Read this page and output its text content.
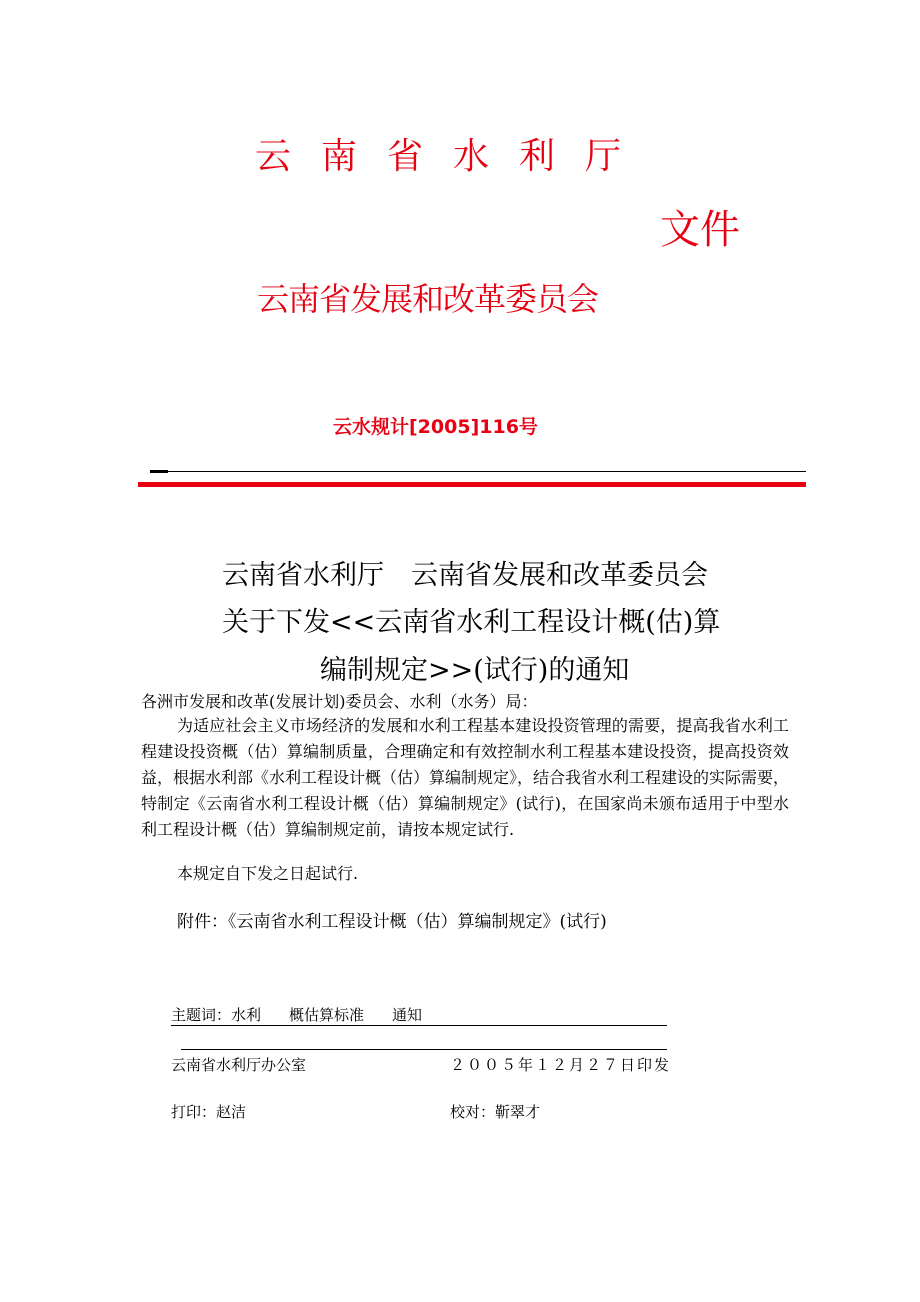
云南省水利厅
文件
云南省发展和改革委员会
云水规计[2005]116号
云南省水利厅　云南省发展和改革委员会
关于下发<<云南省水利工程设计概(估)算
编制规定>>(试行)的通知
各洲市发展和改革(发展计划)委员会、水利（水务）局：

为适应社会主义市场经济的发展和水利工程基本建设投资管理的需要，提高我省水利工程建设投资概（估）算编制质量，合理确定和有效控制水利工程基本建设投资，提高投资效益，根据水利部《水利工程设计概（估）算编制规定》，结合我省水利工程建设的实际需要，特制定《云南省水利工程设计概（估）算编制规定》(试行)，在国家尚未颁布适用于中型水利工程设计概（估）算编制规定前，请按本规定试行.

本规定自下发之日起试行.
附件：《云南省水利工程设计概（估）算编制规定》(试行)
主题词：水利 概估算标准 通知
云南省水利厅办公室	２００５年１２月２７日印发
打印：赵洁	校对：靳翠才
